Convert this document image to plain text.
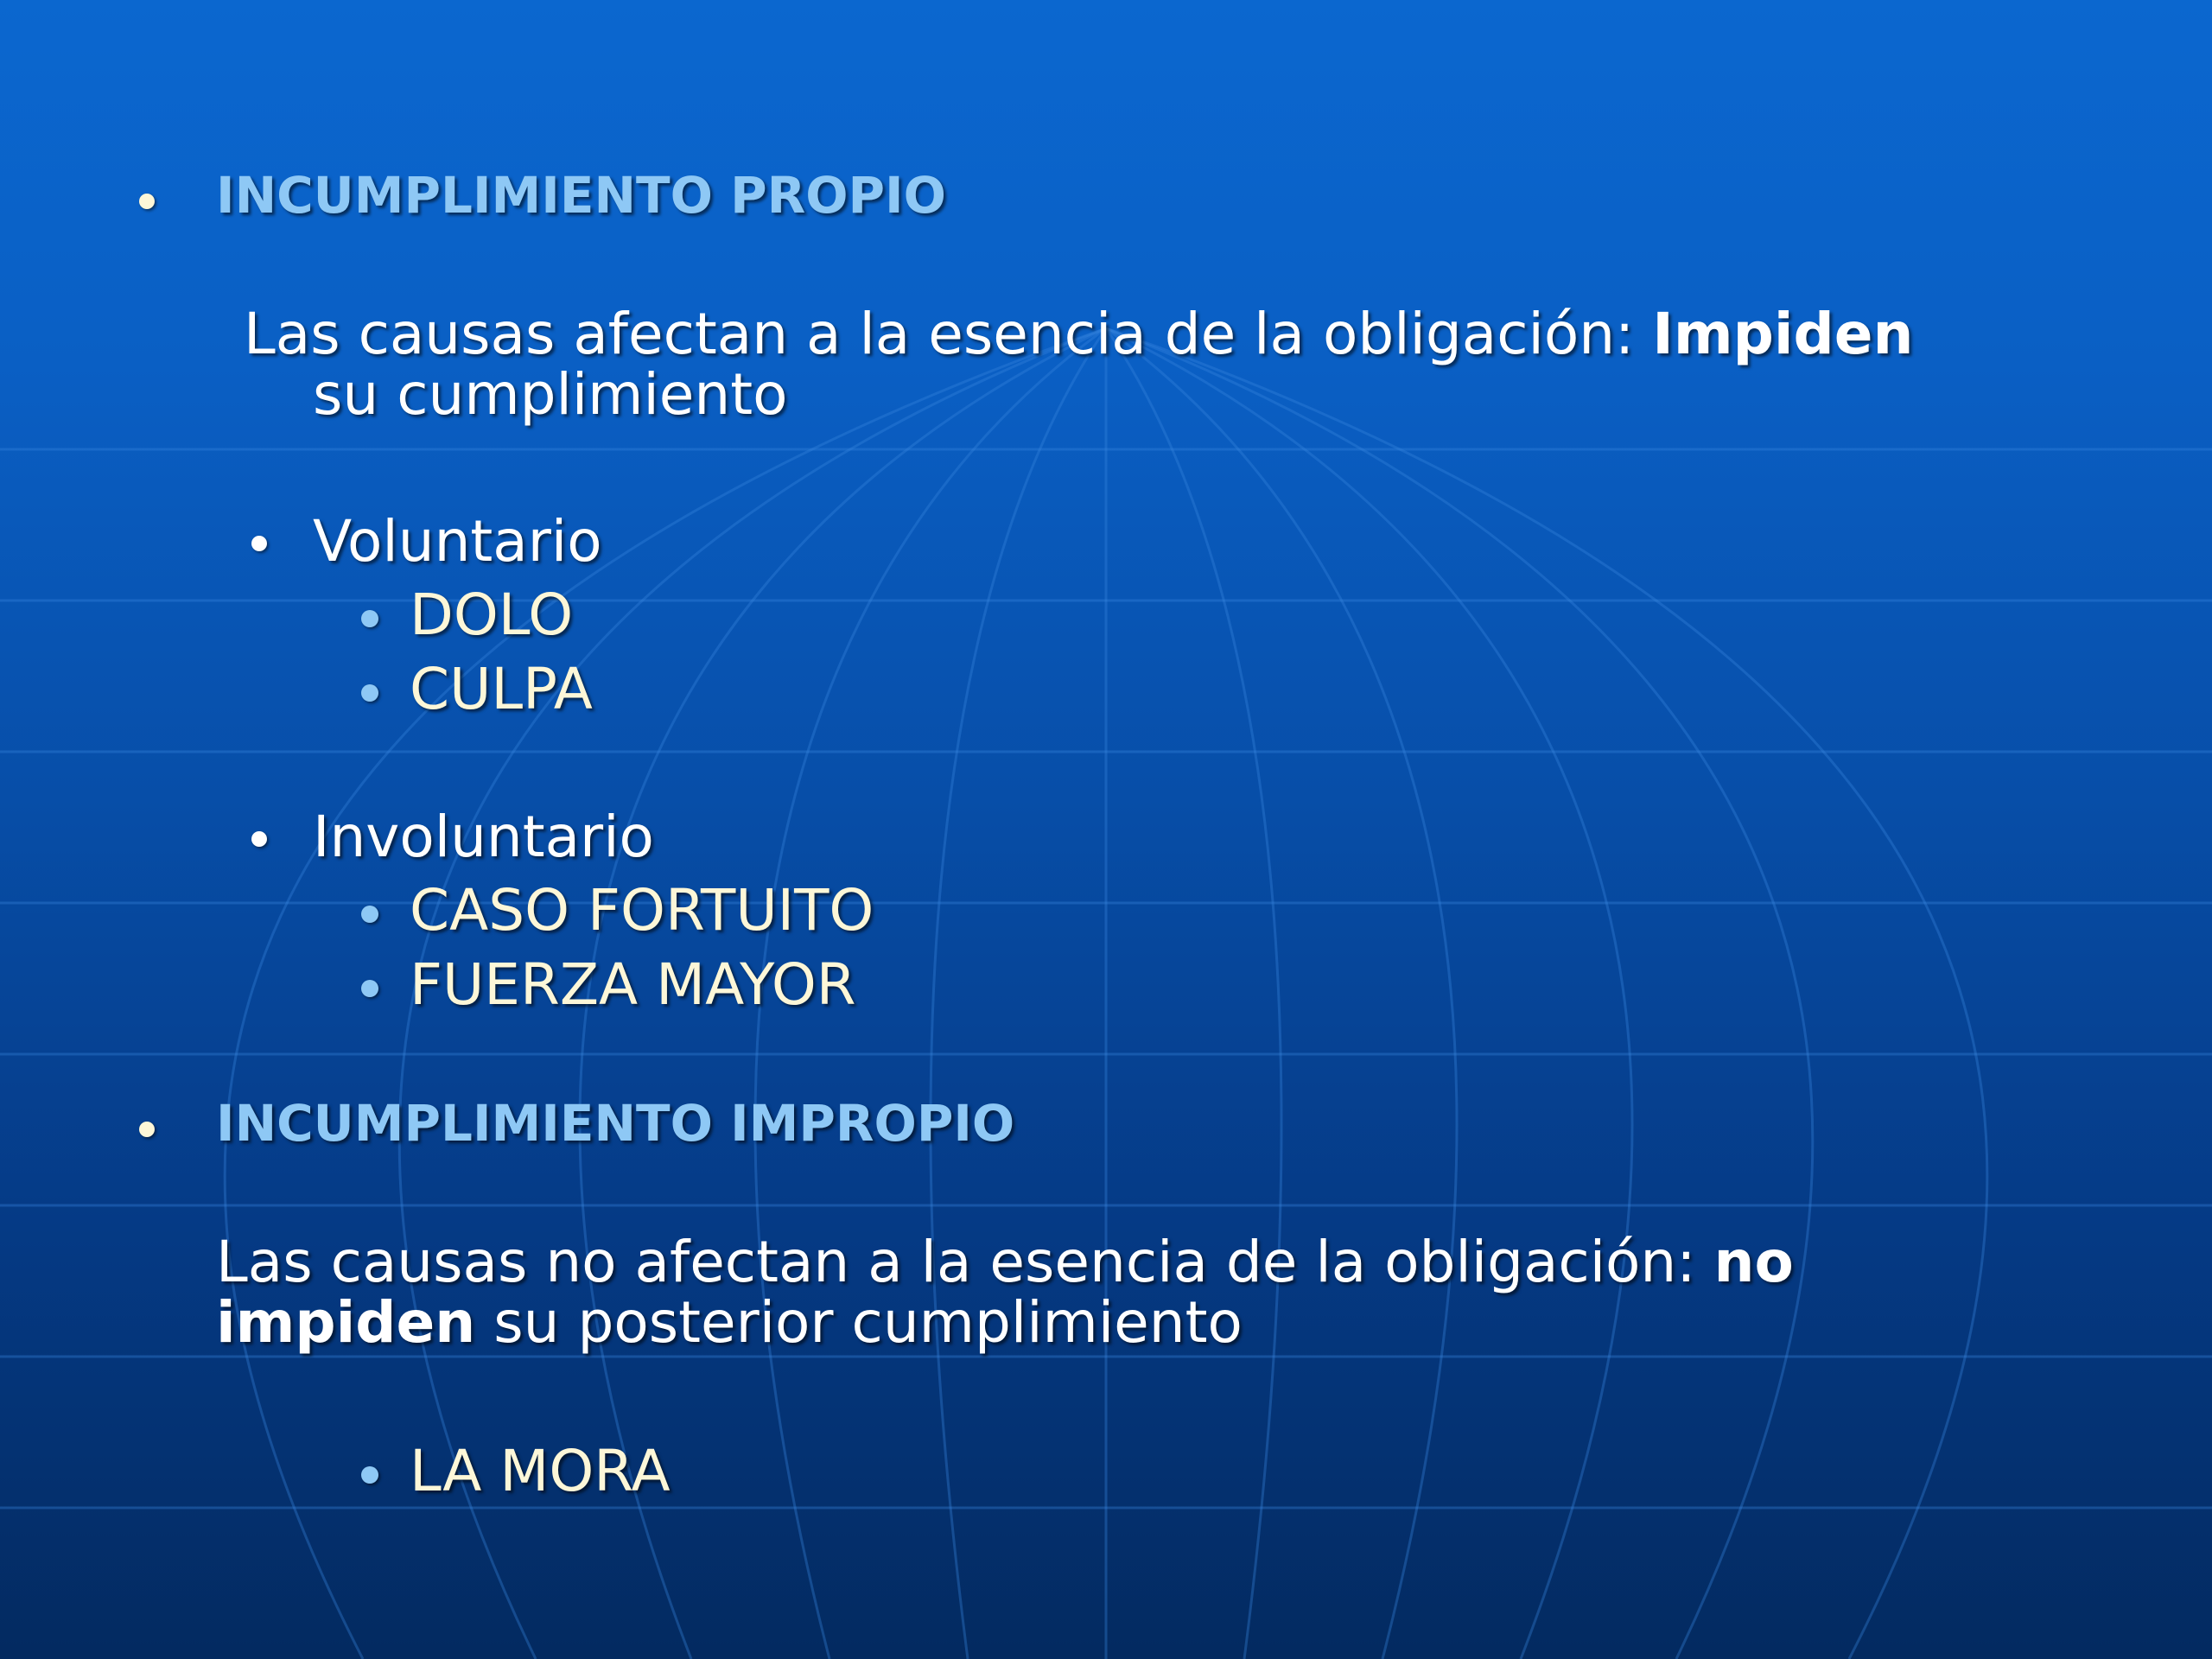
INCUMPLIMIENTO PROPIO
Las causas afectan a la esencia de la obligación: Impiden
su cumplimiento
Voluntario
DOLO
CULPA
Involuntario
CASO FORTUITO
FUERZA MAYOR
INCUMPLIMIENTO IMPROPIO
Las causas no afectan a la esencia de la obligación: no
impiden su posterior cumplimiento
LA MORA
